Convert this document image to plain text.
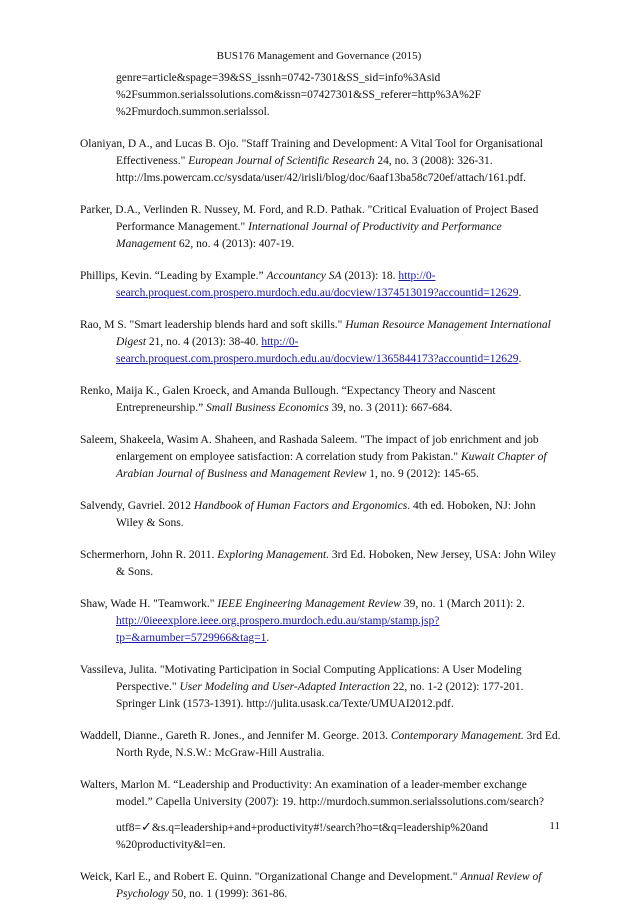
BUS176 Management and Governance (2015)

genre=article&spage=39&SS_issnh=0742-7301&SS_sid=info%3Asid
%2Fsummon.serialssolutions.com&issn=07427301&SS_referer=http%3A%2F
%2Fmurdoch.summon.serialssol.

Olaniyan, D A., and Lucas B. Ojo. "Staff Training and Development: A Vital Tool for Organisational Effectiveness." European Journal of Scientific Research 24, no. 3 (2008): 326-31. http://lms.powercam.cc/sysdata/user/42/irisli/blog/doc/6aaf13ba58c720ef/attach/161.pdf.

Parker, D.A., Verlinden R. Nussey, M. Ford, and R.D. Pathak. "Critical Evaluation of Project Based Performance Management." International Journal of Productivity and Performance Management 62, no. 4 (2013): 407-19.

Phillips, Kevin. “Leading by Example.” Accountancy SA (2013): 18. http://0-search.proquest.com.prospero.murdoch.edu.au/docview/1374513019?accountid=12629.

Rao, M S. "Smart leadership blends hard and soft skills." Human Resource Management International Digest 21, no. 4 (2013): 38-40. http://0-search.proquest.com.prospero.murdoch.edu.au/docview/1365844173?accountid=12629.

Renko, Maija K., Galen Kroeck, and Amanda Bullough. “Expectancy Theory and Nascent Entrepreneurship.” Small Business Economics 39, no. 3 (2011): 667-684.

Saleem, Shakeela, Wasim A. Shaheen, and Rashada Saleem. "The impact of job enrichment and job enlargement on employee satisfaction: A correlation study from Pakistan." Kuwait Chapter of Arabian Journal of Business and Management Review 1, no. 9 (2012): 145-65.

Salvendy, Gavriel. 2012 Handbook of Human Factors and Ergonomics. 4th ed. Hoboken, NJ: John Wiley & Sons.

Schermerhorn, John R. 2011. Exploring Management. 3rd Ed. Hoboken, New Jersey, USA: John Wiley & Sons.

Shaw, Wade H. "Teamwork." IEEE Engineering Management Review 39, no. 1 (March 2011): 2. http://0ieeexplore.ieee.org.prospero.murdoch.edu.au/stamp/stamp.jsp?tp=&arnumber=5729966&tag=1.

Vassileva, Julita. "Motivating Participation in Social Computing Applications: A User Modeling Perspective." User Modeling and User-Adapted Interaction 22, no. 1-2 (2012): 177-201. Springer Link (1573-1391). http://julita.usask.ca/Texte/UMUAI2012.pdf.

Waddell, Dianne., Gareth R. Jones., and Jennifer M. George. 2013. Contemporary Management. 3rd Ed. North Ryde, N.S.W.: McGraw-Hill Australia.

Walters, Marlon M. “Leadership and Productivity: An examination of a leader-member exchange model.” Capella University (2007): 19. http://murdoch.summon.serialssolutions.com/search?

utf8=✓&s.q=leadership+and+productivity#!/search?ho=t&q=leadership%20and %20productivity&l=en.

Weick, Karl E., and Robert E. Quinn. "Organizational Change and Development." Annual Review of Psychology 50, no. 1 (1999): 361-86.

11
